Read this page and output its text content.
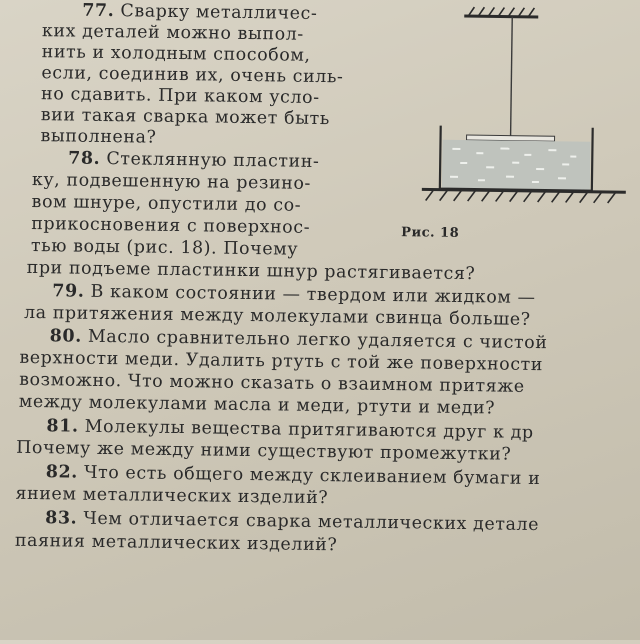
77. Сварку металличес-
ких деталей можно выпол-
нить и холодным способом,
если, соединив их, очень силь-
но сдавить. При каком усло-
вии такая сварка может быть
выполнена?
78. Стеклянную пластин-
ку, подвешенную на резино-
вом шнуре, опустили до со-
прикосновения с поверхнос-
тью воды (рис. 18). Почему
при подъеме пластинки шнур растягивается?
79. В каком состоянии — твердом или жидком —
ла притяжения между молекулами свинца больше?
80. Масло сравнительно легко удаляется с чистой
верхности меди. Удалить ртуть с той же поверхности
возможно. Что можно сказать о взаимном притяже
между молекулами масла и меди, ртути и меди?
81. Молекулы вещества притягиваются друг к др
Почему же между ними существуют промежутки?
82. Что есть общего между склеиванием бумаги и
янием металлических изделий?
83. Чем отличается сварка металлических детале
паяния металлических изделий?
Рис. 18
